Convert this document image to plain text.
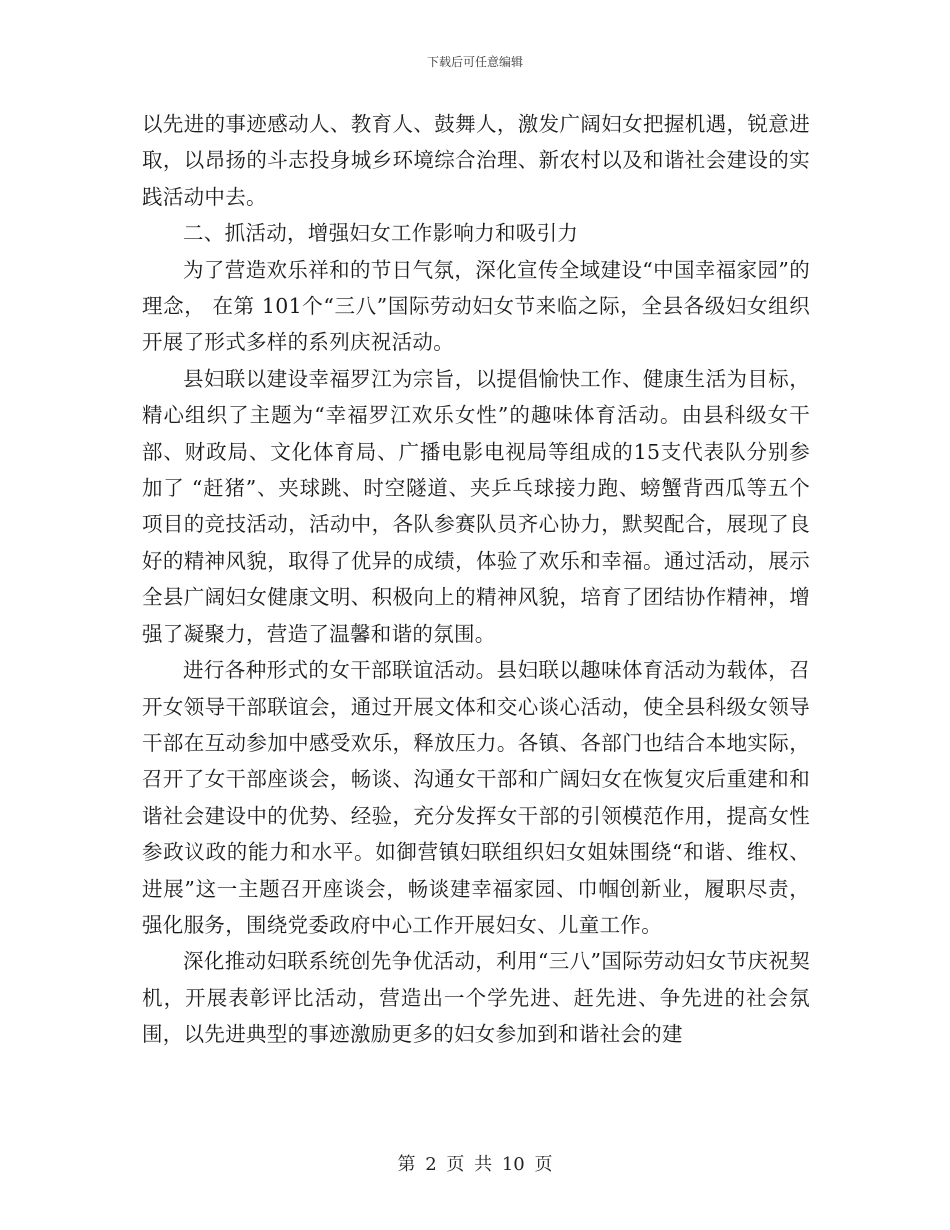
下载后可任意编辑

以先进的事迹感动人、教育人、鼓舞人，激发广阔妇女把握机遇，锐意进取，以昂扬的斗志投身城乡环境综合治理、新农村以及和谐社会建设的实践活动中去。

二、抓活动，增强妇女工作影响力和吸引力

为了营造欢乐祥和的节日气氛，深化宣传全域建设“中国幸福家园”的理念， 在第 101个“三八”国际劳动妇女节来临之际，全县各级妇女组织开展了形式多样的系列庆祝活动。

县妇联以建设幸福罗江为宗旨，以提倡愉快工作、健康生活为目标，精心组织了主题为“幸福罗江欢乐女性”的趣味体育活动。由县科级女干部、财政局、文化体育局、广播电影电视局等组成的15支代表队分别参加了 “赶猪”、夹球跳、时空隧道、夹乒乓球接力跑、螃蟹背西瓜等五个项目的竞技活动，活动中，各队参赛队员齐心协力，默契配合，展现了良好的精神风貌，取得了优异的成绩，体验了欢乐和幸福。通过活动，展示全县广阔妇女健康文明、积极向上的精神风貌，培育了团结协作精神，增强了凝聚力，营造了温馨和谐的氛围。

进行各种形式的女干部联谊活动。县妇联以趣味体育活动为载体，召开女领导干部联谊会，通过开展文体和交心谈心活动，使全县科级女领导干部在互动参加中感受欢乐，释放压力。各镇、各部门也结合本地实际，召开了女干部座谈会，畅谈、沟通女干部和广阔妇女在恢复灾后重建和和谐社会建设中的优势、经验，充分发挥女干部的引领模范作用，提高女性参政议政的能力和水平。如御营镇妇联组织妇女姐妹围绕“和谐、维权、进展”这一主题召开座谈会，畅谈建幸福家园、巾帼创新业，履职尽责，强化服务，围绕党委政府中心工作开展妇女、儿童工作。

深化推动妇联系统创先争优活动，利用“三八”国际劳动妇女节庆祝契机，开展表彰评比活动，营造出一个学先进、赶先进、争先进的社会氛围，以先进典型的事迹激励更多的妇女参加到和谐社会的建

第 2 页 共 10 页
